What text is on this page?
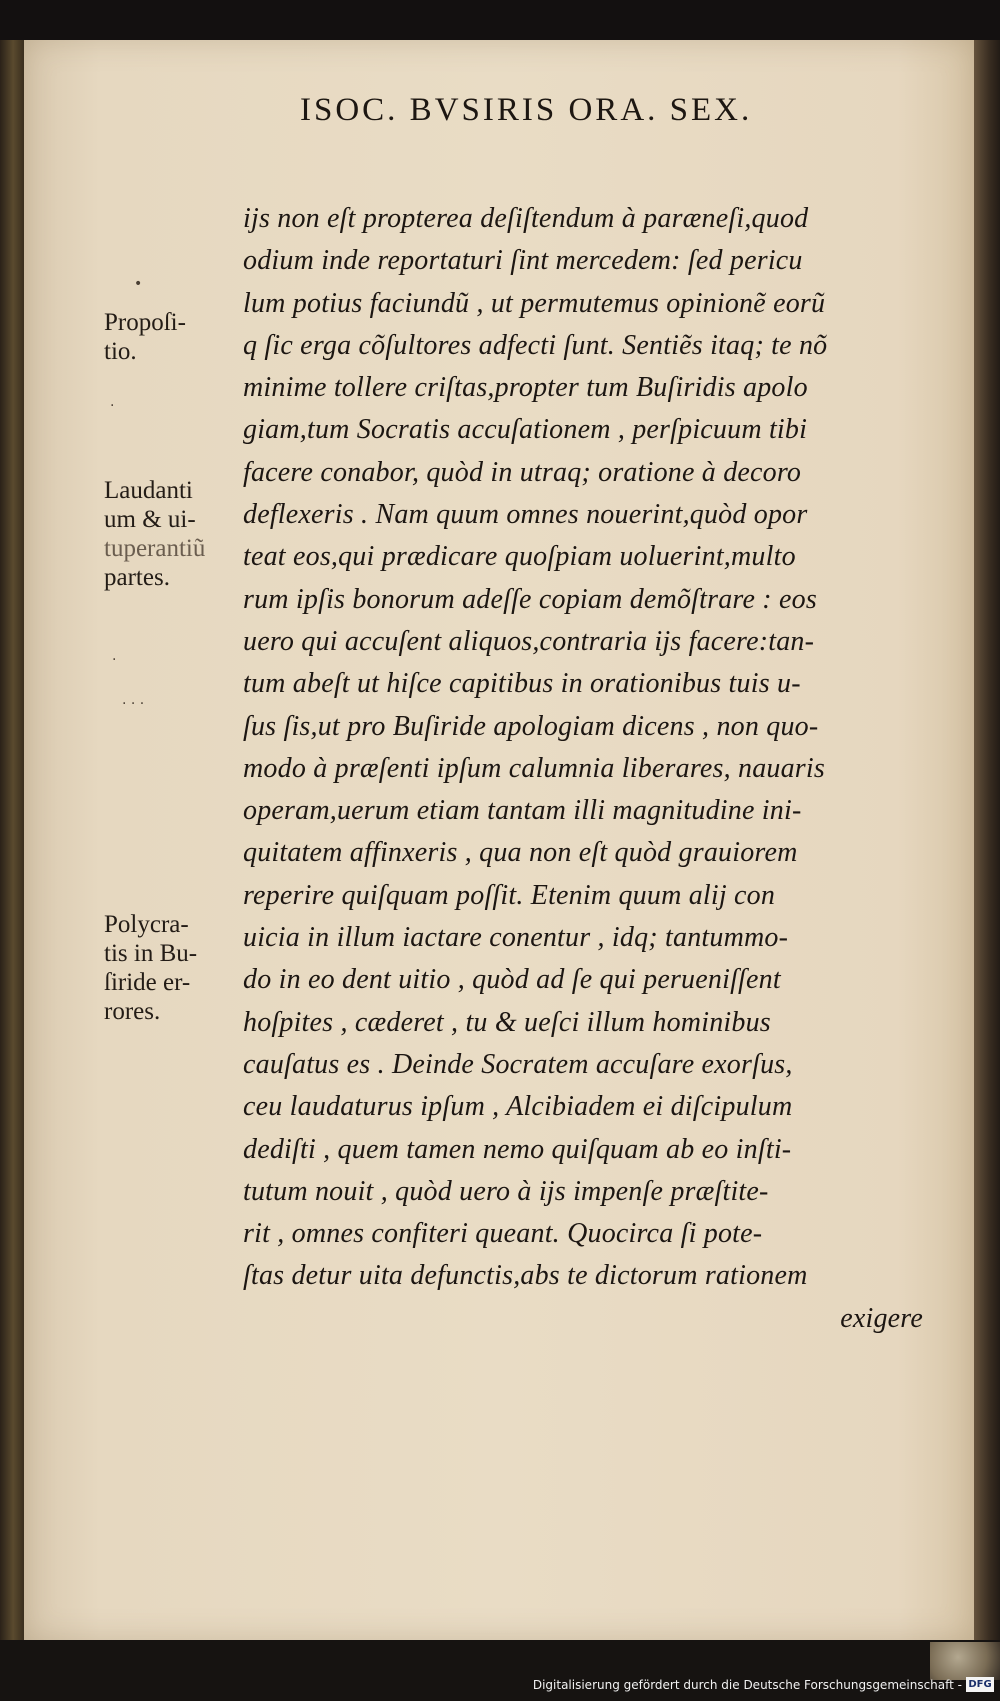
ISOC. BVSIRIS ORA. SEX.
Propoſi-
tio.
Laudanti
um & ui-
tuperantiũ
partes.
Polycra-
tis in Bu-
ſiride er-
rores.
•
·
·
· · ·
ijs non eſt propterea deſiſtendum à paræneſi,quod
odium inde reportaturi ſint mercedem: ſed pericu
lum potius faciundũ , ut permutemus opinionẽ eorũ
q ſic erga cõſultores adfecti ſunt. Sentiẽs itaq; te nõ
minime tollere criſtas,propter tum Buſiridis apolo
giam,tum Socratis accuſationem , perſpicuum tibi
facere conabor, quòd in utraq; oratione à decoro
deflexeris . Nam quum omnes nouerint,quòd opor
teat eos,qui prædicare quoſpiam uoluerint,multo
rum ipſis bonorum adeſſe copiam demõſtrare : eos
uero qui accuſent aliquos,contraria ijs facere:tan-
tum abeſt ut hiſce capitibus in orationibus tuis u-
ſus ſis,ut pro Buſiride apologiam dicens , non quo-
modo à præſenti ipſum calumnia liberares, nauaris
operam,uerum etiam tantam illi magnitudine ini-
quitatem affinxeris , qua non eſt quòd grauiorem
reperire quiſquam poſſit. Etenim quum alij con
uicia in illum iactare conentur , idq; tantummo-
do in eo dent uitio , quòd ad ſe qui perueniſſent
hoſpites , cæderet , tu & ueſci illum hominibus
cauſatus es . Deinde Socratem accuſare exorſus,
ceu laudaturus ipſum , Alcibiadem ei diſcipulum
dediſti , quem tamen nemo quiſquam ab eo inſti-
tutum nouit , quòd uero à ijs impenſe præſtite-
rit , omnes confiteri queant. Quocirca ſi pote-
ſtas detur uita defunctis,abs te dictorum rationem
exigere
Digitalisierung gefördert durch die Deutsche Forschungsgemeinschaft - DFG
